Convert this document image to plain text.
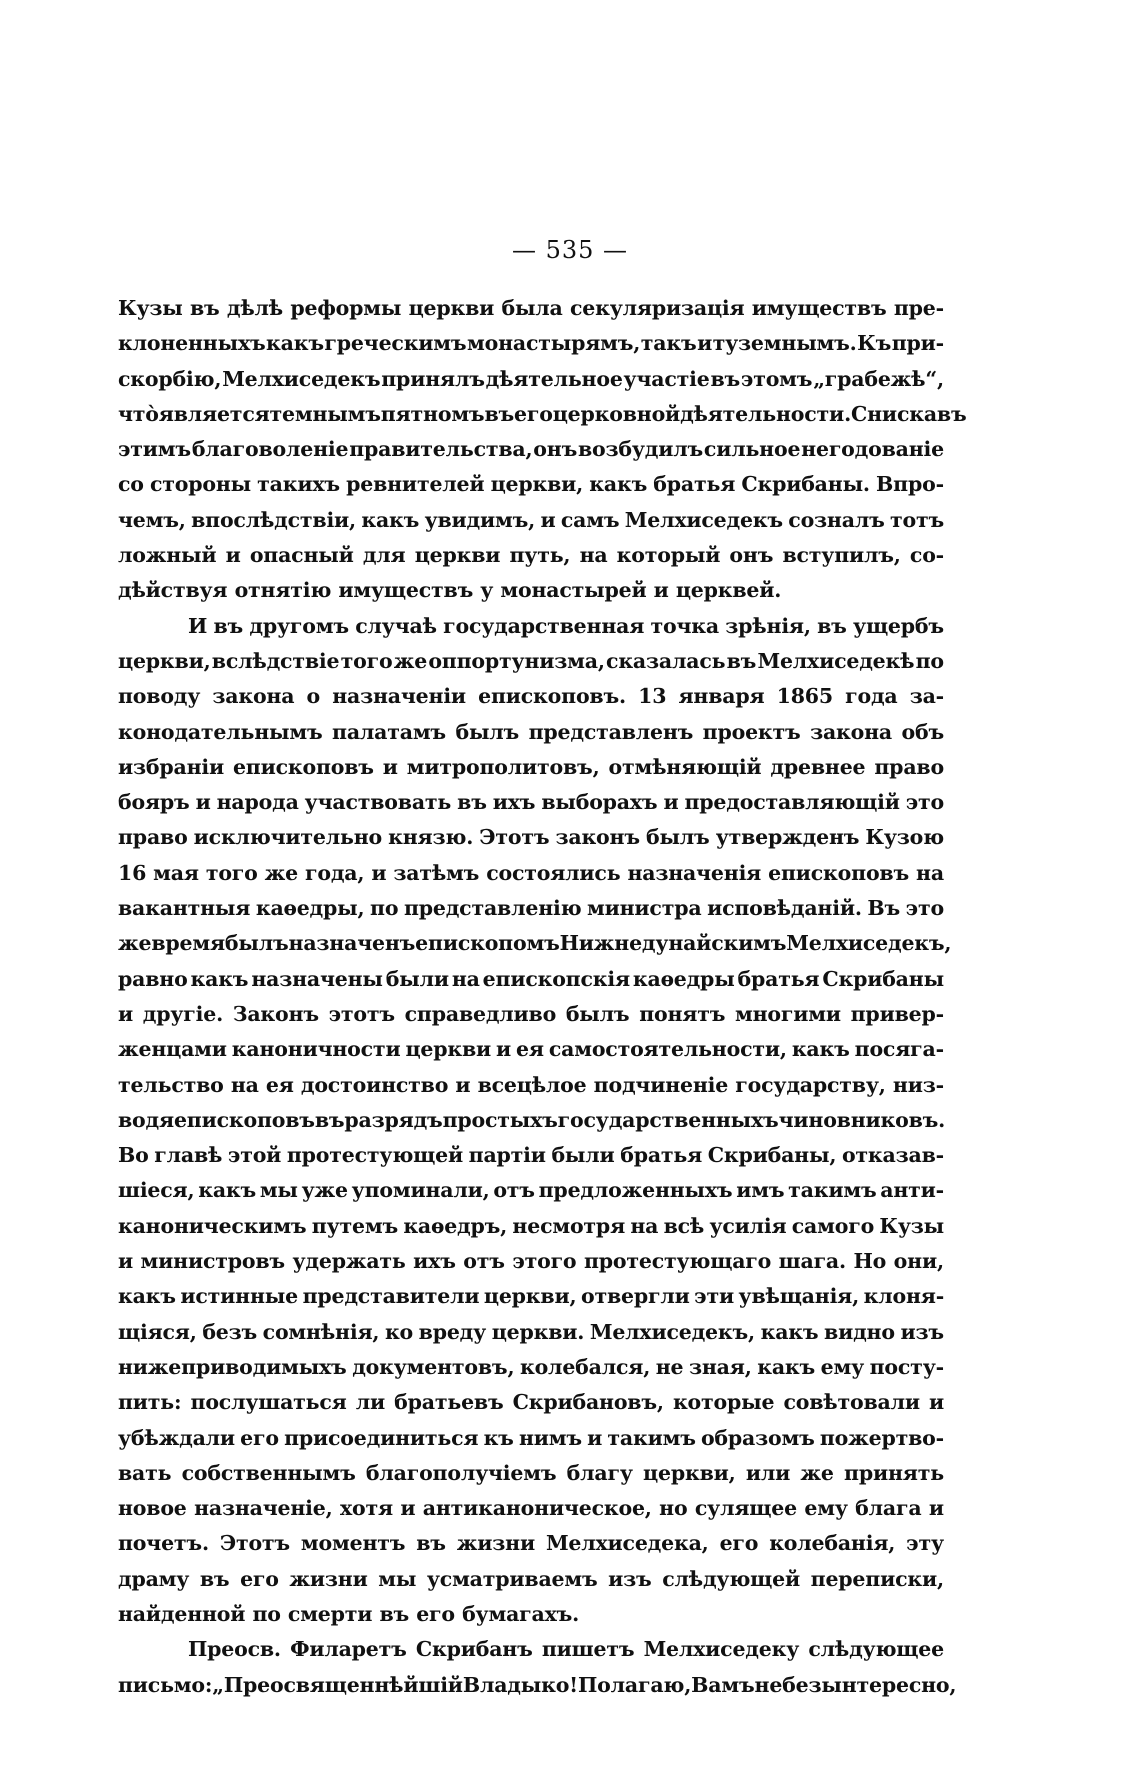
— 535 —
Кузы въ дѣлѣ реформы церкви была секуляризація имуществъ пре-
клоненныхъ какъ греческимъ монастырямъ, такъ и туземнымъ. Къ при-
скорбію, Мелхиседекъ принялъ дѣятельное участіе въ этомъ „грабежѣ“,
что̀ является темнымъ пятномъ въ его церковной дѣятельности. Снискавъ
этимъ благоволеніе правительства, онъ возбудилъ сильное негодованіе
со стороны такихъ ревнителей церкви, какъ братья Скрибаны. Впро-
чемъ, впослѣдствіи, какъ увидимъ, и самъ Мелхиседекъ созналъ тотъ
ложный и опасный для церкви путь, на который онъ вступилъ, со-
дѣйствуя отнятію имуществъ у монастырей и церквей.
И въ другомъ случаѣ государственная точка зрѣнія, въ ущербъ
церкви, вслѣдствіе того же оппортунизма, сказалась въ Мелхиседекѣ по
поводу закона о назначеніи епископовъ. 13 января 1865 года за-
конодательнымъ палатамъ былъ представленъ проектъ закона объ
избраніи епископовъ и митрополитовъ, отмѣняющій древнее право
бояръ и народа участвовать въ ихъ выборахъ и предоставляющій это
право исключительно князю. Этотъ законъ былъ утвержденъ Кузою
16 мая того же года, и затѣмъ состоялись назначенія епископовъ на
вакантныя каѳедры, по представленію министра исповѣданій. Въ это
же время былъ назначенъ епископомъ Нижнедунайскимъ Мелхиседекъ,
равно какъ назначены были на епископскія каѳедры братья Скрибаны
и другіе. Законъ этотъ справедливо былъ понятъ многими привер-
женцами каноничности церкви и ея самостоятельности, какъ посяга-
тельство на ея достоинство и всецѣлое подчиненіе государству, низ-
водя епископовъ въ разрядъ простыхъ государственныхъ чиновниковъ.
Во главѣ этой протестующей партіи были братья Скрибаны, отказав-
шіеся, какъ мы уже упоминали, отъ предложенныхъ имъ такимъ анти-
каноническимъ путемъ каѳедръ, несмотря на всѣ усилія самого Кузы
и министровъ удержать ихъ отъ этого протестующаго шага. Но они,
какъ истинные представители церкви, отвергли эти увѣщанія, клоня-
щіяся, безъ сомнѣнія, ко вреду церкви. Мелхиседекъ, какъ видно изъ
нижеприводимыхъ документовъ, колебался, не зная, какъ ему посту-
пить: послушаться ли братьевъ Скрибановъ, которые совѣтовали и
убѣждали его присоединиться къ нимъ и такимъ образомъ пожертво-
вать собственнымъ благополучіемъ благу церкви, или же принять
новое назначеніе, хотя и антиканоническое, но сулящее ему блага и
почетъ. Этотъ моментъ въ жизни Мелхиседека, его колебанія, эту
драму въ его жизни мы усматриваемъ изъ слѣдующей переписки,
найденной по смерти въ его бумагахъ.
Преосв. Филаретъ Скрибанъ пишетъ Мелхиседеку слѣдующее
письмо: „Преосвященнѣйшій Владыко! Полагаю, Вамъ не безынтересно,
